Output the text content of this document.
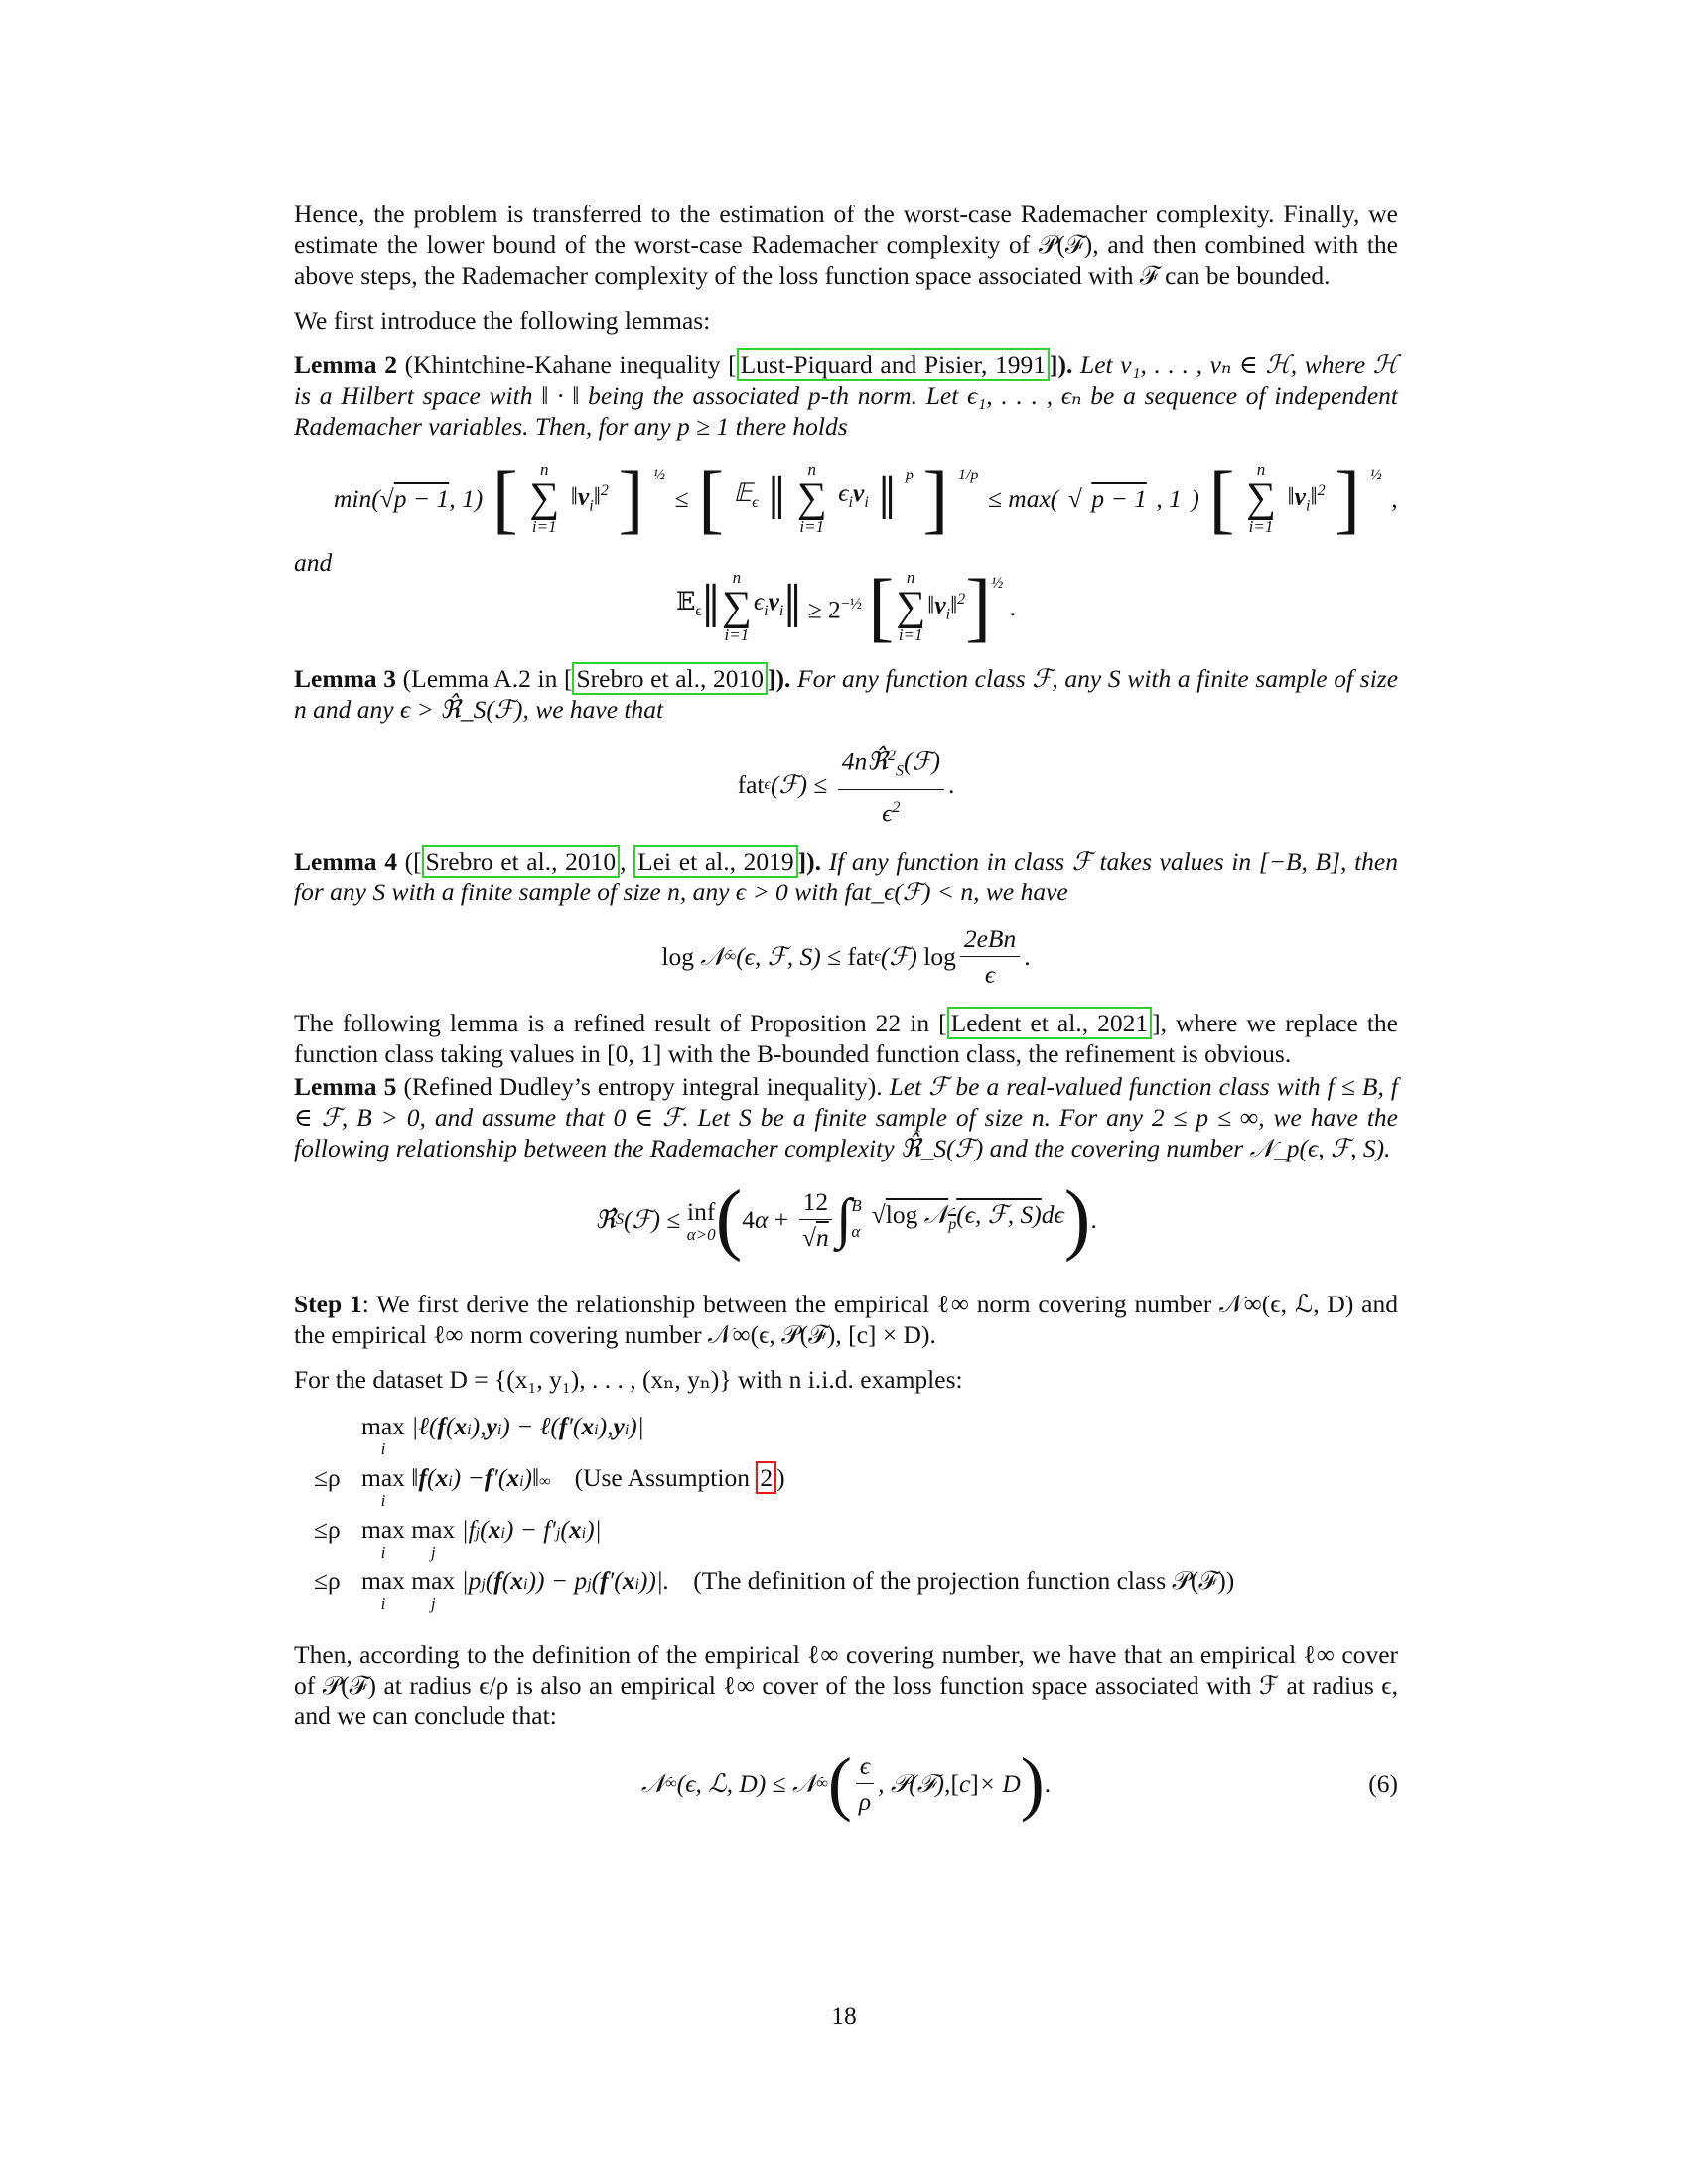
Hence, the problem is transferred to the estimation of the worst-case Rademacher complexity. Finally, we estimate the lower bound of the worst-case Rademacher complexity of 𝒫(ℱ), and then combined with the above steps, the Rademacher complexity of the loss function space associated with ℱ can be bounded.

We first introduce the following lemmas:

Lemma 2 (Khintchine-Kahane inequality [ Lust-Piquard and Pisier, 1991 ]). Let v₁, . . . , vₙ ∈ ℋ, where ℋ is a Hilbert space with ‖ · ‖ being the associated p-th norm. Let ϵ₁, . . . , ϵₙ be a sequence of independent Rademacher variables. Then, for any p ≥ 1 there holds

min(√p − 1, 1) [ n
∑
i=1
$‖v_i‖^2$ ] $^{\frac{1}{2}}$
≤ [ 𝔼$_\epsilon$ ‖ n
∑
i=1
$\epsilon_iv_i$ ‖ $^p$ ] $^{1/p}$
≤ max( √ p − 1 , 1 ) [ n
∑
i=1
$‖v_i‖^2$ ] $^{\frac{1}{2}}$
,
and
𝔼$_\epsilon$ ‖ n
∑
i=1
$\epsilon_iv_i$ ‖ ≥ $2^{-\frac{1}{2}}$ [ n
∑
i=1
$‖v_i‖^2$ ]$^{\frac{1}{2}}$
.

Lemma 3 (Lemma A.2 in [ Srebro et al., 2010 ]). For any function class ℱ, any S with a finite sample of size n and any ϵ > ℜ̂_S(ℱ), we have that

fat ϵ (ℱ) ≤ $\frac{4nℜ̂^2_S(ℱ)}{\epsilon^2}$ .

Lemma 4 ([ Srebro et al., 2010 , Lei et al., 2019 ]). If any function in class ℱ takes values in [−B, B], then for any S with a finite sample of size n, any ϵ > 0 with fat_ϵ(ℱ) < n, we have

log 𝒩 ∞ (ϵ, ℱ, S) ≤ fat ϵ (ℱ) $\log \frac{\text{2eBn}}{\epsilon}$ .

The following lemma is a refined result of Proposition 22 in [ Ledent et al., 2021 ], where we replace the function class taking values in [0, 1] with the B-bounded function class, the refinement is obvious.

Lemma 5 (Refined Dudley’s entropy integral inequality). Let ℱ be a real-valued function class with f ≤ B, f ∈ ℱ, B > 0, and assume that 0 ∈ ℱ. Let S be a finite sample of size n. For any 2 ≤ p ≤ ∞, we have the following relationship between the Rademacher complexity ℜ̂_S(ℱ) and the covering number 𝒩_p(ϵ, ℱ, S).

ℜ̂ S (ℱ) ≤ inf
α>0 ( 4 $\alpha + \frac{12}{√n}$ ∫ B
α
√log 𝒩$_p$(ϵ, ℱ, S)dϵ ) .

Step 1: We first derive the relationship between the empirical ℓ∞ norm covering number 𝒩∞(ϵ, ℒ, D) and the empirical ℓ∞ norm covering number 𝒩∞(ϵ, 𝒫(ℱ), [c] × D).

For the dataset D = {(x₁, y₁), . . . , (xₙ, yₙ)} with n i.i.d. examples:

max
i
|ℓ( f ( x i ), y i ) − ℓ( f ′( x i ), y i )|
≤ρ max
i
‖ f ( x i ) − f ′( x i )‖ ∞ (Use Assumption 2 )
≤ρ max
i

max
j
|f j ( x i ) − f′ j ( x i )|
≤ρ max
i

max
j
|p j ( f ( x i )) − p j ( f ′( x i ))|. (The definition of the projection function class 𝒫(ℱ))

Then, according to the definition of the empirical ℓ∞ covering number, we have that an empirical ℓ∞ cover of 𝒫(ℱ) at radius ϵ/ρ is also an empirical ℓ∞ cover of the loss function space associated with ℱ at radius ϵ, and we can conclude that:

𝒩 ∞ (ϵ, ℒ, D) ≤ 𝒩 ∞ ( $\frac{\epsilon}{\rho}$ , 𝒫(ℱ), [ c ] × D ) .	(6)
18
